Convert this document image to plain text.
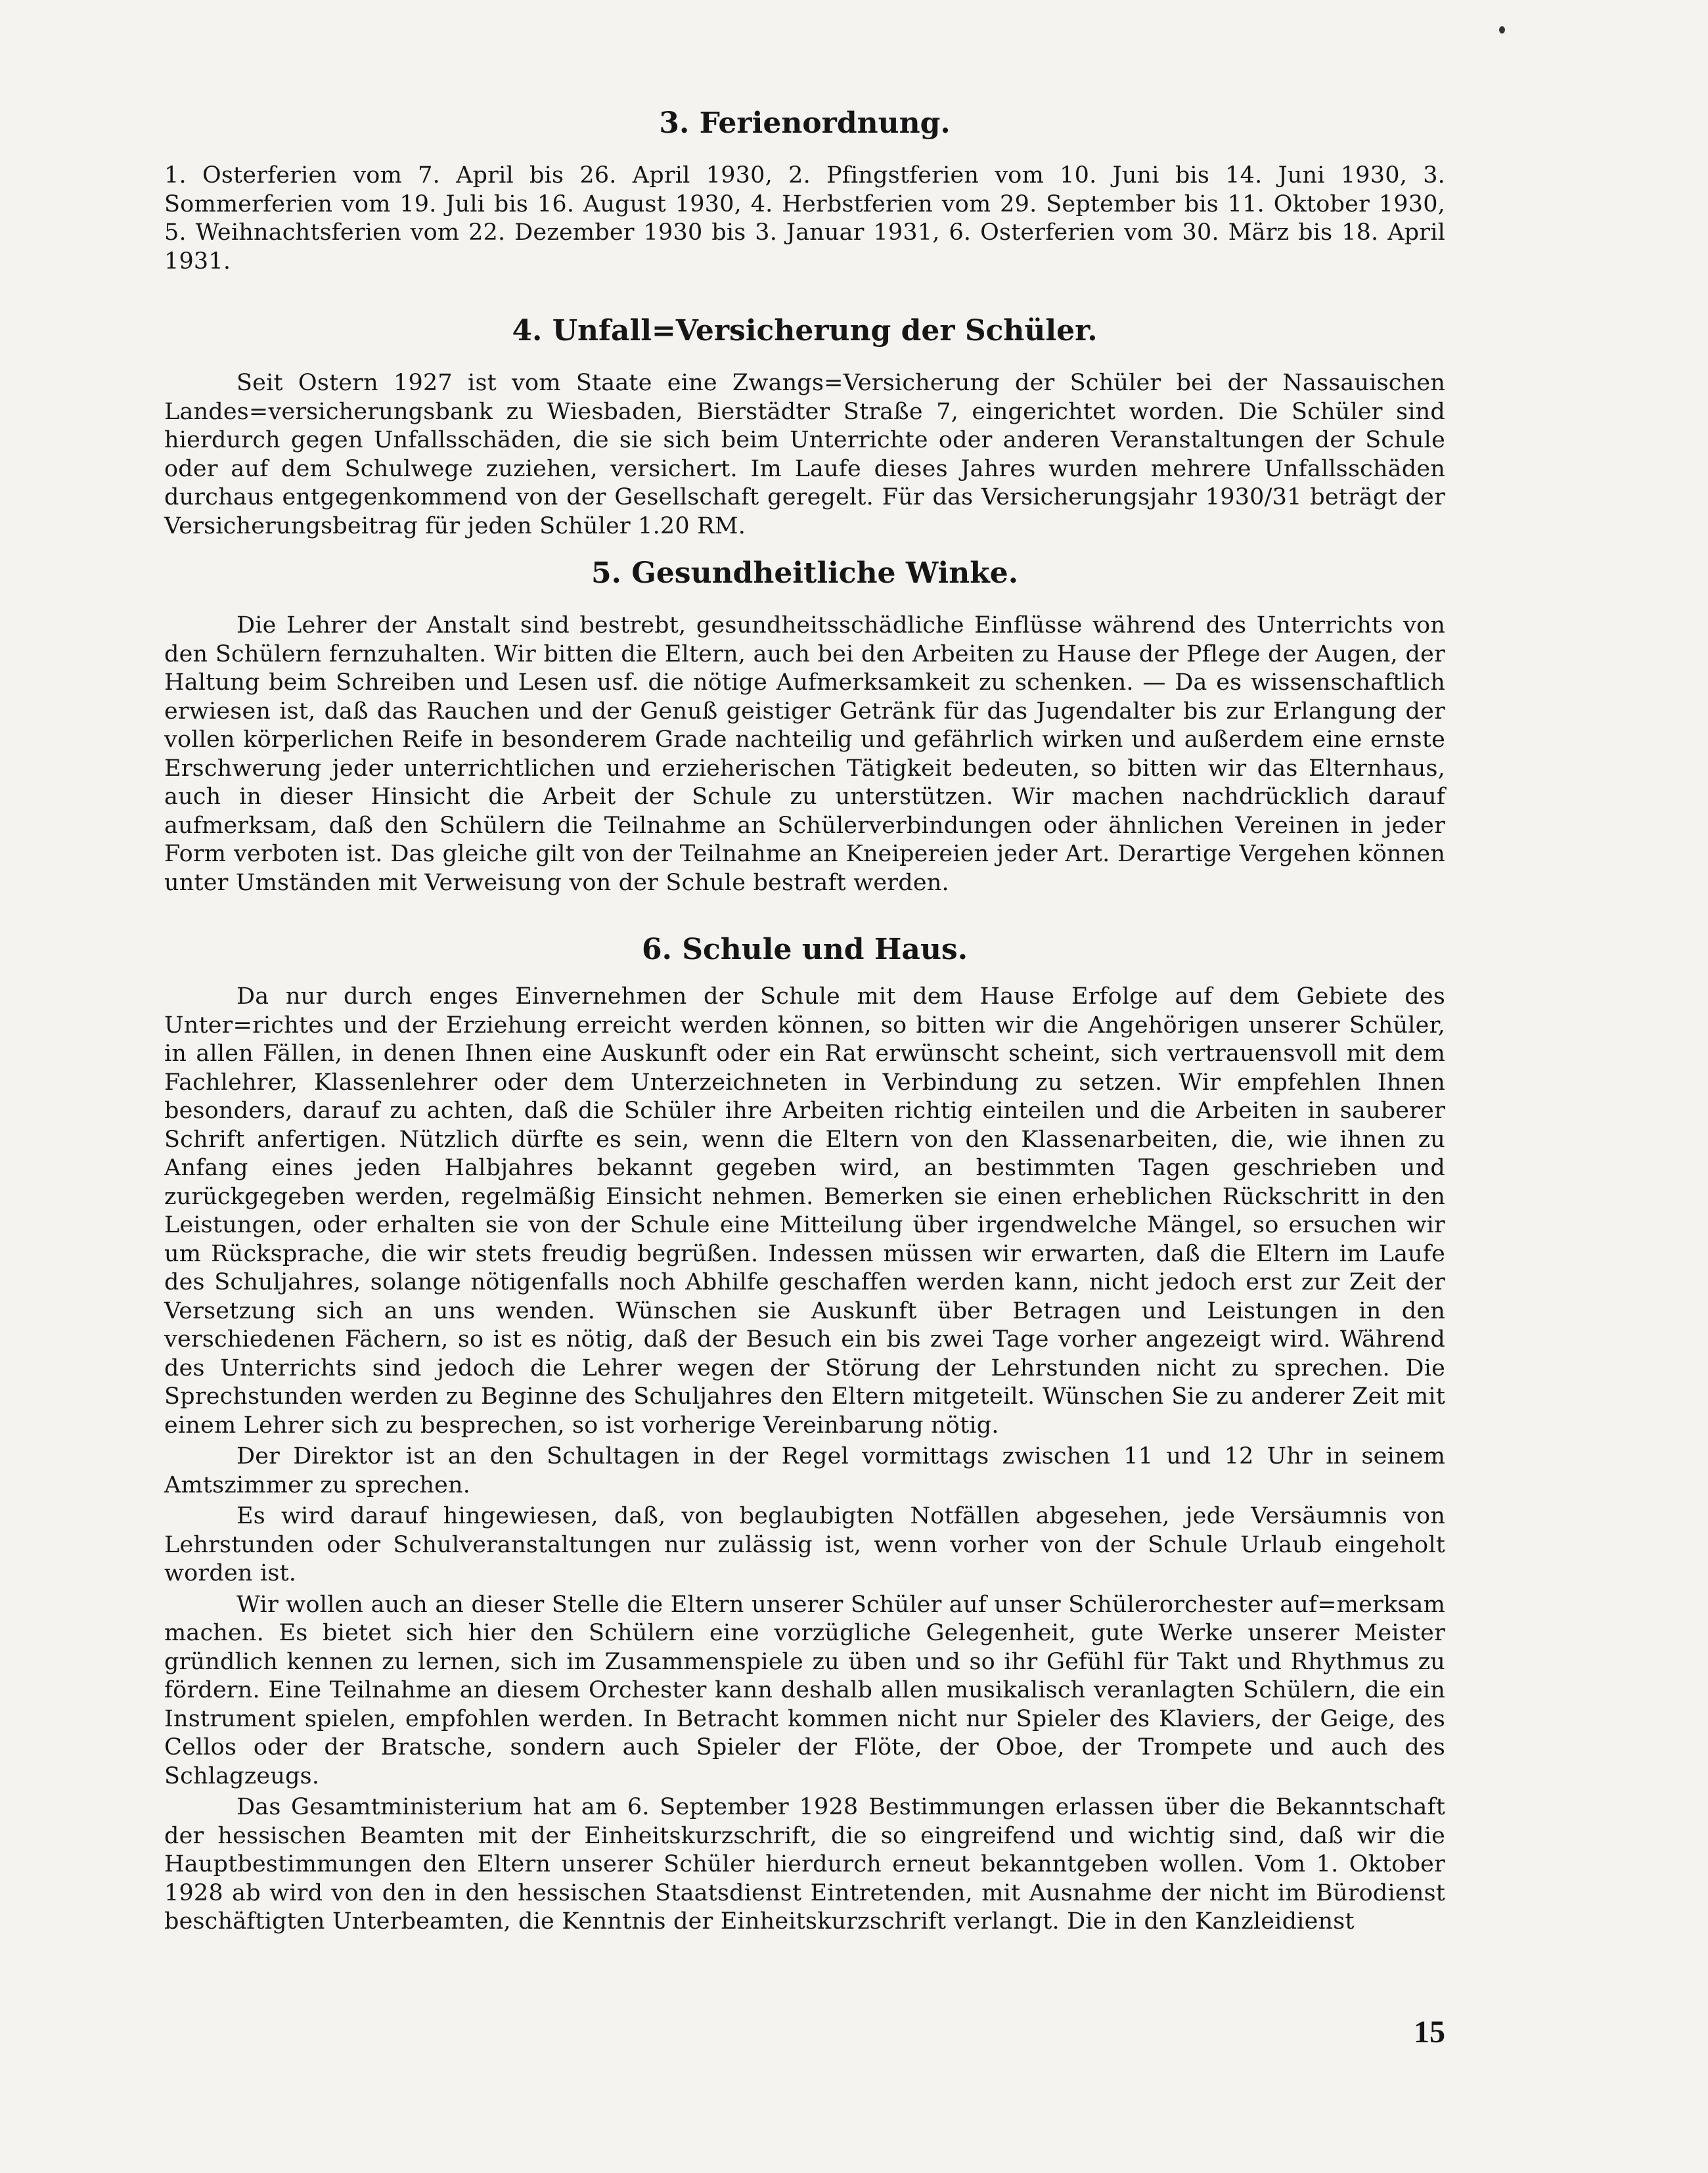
3. Ferienordnung.

1. Osterferien vom 7. April bis 26. April 1930, 2. Pfingstferien vom 10. Juni bis 14. Juni 1930, 3. Sommerferien vom 19. Juli bis 16. August 1930, 4. Herbstferien vom 29. September bis 11. Oktober 1930, 5. Weihnachtsferien vom 22. Dezember 1930 bis 3. Januar 1931, 6. Osterferien vom 30. März bis 18. April 1931.

4. Unfall=Versicherung der Schüler.

Seit Ostern 1927 ist vom Staate eine Zwangs=Versicherung der Schüler bei der Nassauischen Landes=versicherungsbank zu Wiesbaden, Bierstädter Straße 7, eingerichtet worden. Die Schüler sind hierdurch gegen Unfallsschäden, die sie sich beim Unterrichte oder anderen Veranstaltungen der Schule oder auf dem Schulwege zuziehen, versichert. Im Laufe dieses Jahres wurden mehrere Unfallsschäden durchaus entgegenkommend von der Gesellschaft geregelt. Für das Versicherungsjahr 1930/31 beträgt der Versicherungsbeitrag für jeden Schüler 1.20 RM.

5. Gesundheitliche Winke.

Die Lehrer der Anstalt sind bestrebt, gesundheitsschädliche Einflüsse während des Unterrichts von den Schülern fernzuhalten. Wir bitten die Eltern, auch bei den Arbeiten zu Hause der Pflege der Augen, der Haltung beim Schreiben und Lesen usf. die nötige Aufmerksamkeit zu schenken. — Da es wissenschaftlich erwiesen ist, daß das Rauchen und der Genuß geistiger Getränk für das Jugendalter bis zur Erlangung der vollen körperlichen Reife in besonderem Grade nachteilig und gefährlich wirken und außerdem eine ernste Erschwerung jeder unterrichtlichen und erzieherischen Tätigkeit bedeuten, so bitten wir das Elternhaus, auch in dieser Hinsicht die Arbeit der Schule zu unterstützen. Wir machen nachdrücklich darauf aufmerksam, daß den Schülern die Teilnahme an Schülerverbindungen oder ähnlichen Vereinen in jeder Form verboten ist. Das gleiche gilt von der Teilnahme an Kneipereien jeder Art. Derartige Vergehen können unter Umständen mit Verweisung von der Schule bestraft werden.

6. Schule und Haus.

Da nur durch enges Einvernehmen der Schule mit dem Hause Erfolge auf dem Gebiete des Unter=richtes und der Erziehung erreicht werden können, so bitten wir die Angehörigen unserer Schüler, in allen Fällen, in denen Ihnen eine Auskunft oder ein Rat erwünscht scheint, sich vertrauensvoll mit dem Fachlehrer, Klassenlehrer oder dem Unterzeichneten in Verbindung zu setzen. Wir empfehlen Ihnen besonders, darauf zu achten, daß die Schüler ihre Arbeiten richtig einteilen und die Arbeiten in sauberer Schrift anfertigen. Nützlich dürfte es sein, wenn die Eltern von den Klassenarbeiten, die, wie ihnen zu Anfang eines jeden Halbjahres bekannt gegeben wird, an bestimmten Tagen geschrieben und zurückgegeben werden, regelmäßig Einsicht nehmen. Bemerken sie einen erheblichen Rückschritt in den Leistungen, oder erhalten sie von der Schule eine Mitteilung über irgendwelche Mängel, so ersuchen wir um Rücksprache, die wir stets freudig begrüßen. Indessen müssen wir erwarten, daß die Eltern im Laufe des Schuljahres, solange nötigenfalls noch Abhilfe geschaffen werden kann, nicht jedoch erst zur Zeit der Versetzung sich an uns wenden. Wünschen sie Auskunft über Betragen und Leistungen in den verschiedenen Fächern, so ist es nötig, daß der Besuch ein bis zwei Tage vorher angezeigt wird. Während des Unterrichts sind jedoch die Lehrer wegen der Störung der Lehrstunden nicht zu sprechen. Die Sprechstunden werden zu Beginne des Schuljahres den Eltern mitgeteilt. Wünschen Sie zu anderer Zeit mit einem Lehrer sich zu besprechen, so ist vorherige Vereinbarung nötig.

Der Direktor ist an den Schultagen in der Regel vormittags zwischen 11 und 12 Uhr in seinem Amtszimmer zu sprechen.

Es wird darauf hingewiesen, daß, von beglaubigten Notfällen abgesehen, jede Versäumnis von Lehrstunden oder Schulveranstaltungen nur zulässig ist, wenn vorher von der Schule Urlaub eingeholt worden ist.

Wir wollen auch an dieser Stelle die Eltern unserer Schüler auf unser Schülerorchester auf=merksam machen. Es bietet sich hier den Schülern eine vorzügliche Gelegenheit, gute Werke unserer Meister gründlich kennen zu lernen, sich im Zusammenspiele zu üben und so ihr Gefühl für Takt und Rhythmus zu fördern. Eine Teilnahme an diesem Orchester kann deshalb allen musikalisch veranlagten Schülern, die ein Instrument spielen, empfohlen werden. In Betracht kommen nicht nur Spieler des Klaviers, der Geige, des Cellos oder der Bratsche, sondern auch Spieler der Flöte, der Oboe, der Trompete und auch des Schlagzeugs.

Das Gesamtministerium hat am 6. September 1928 Bestimmungen erlassen über die Bekanntschaft der hessischen Beamten mit der Einheitskurzschrift, die so eingreifend und wichtig sind, daß wir die Hauptbestimmungen den Eltern unserer Schüler hierdurch erneut bekanntgeben wollen. Vom 1. Oktober 1928 ab wird von den in den hessischen Staatsdienst Eintretenden, mit Ausnahme der nicht im Bürodienst beschäftigten Unterbeamten, die Kenntnis der Einheitskurzschrift verlangt. Die in den Kanzleidienst

15
